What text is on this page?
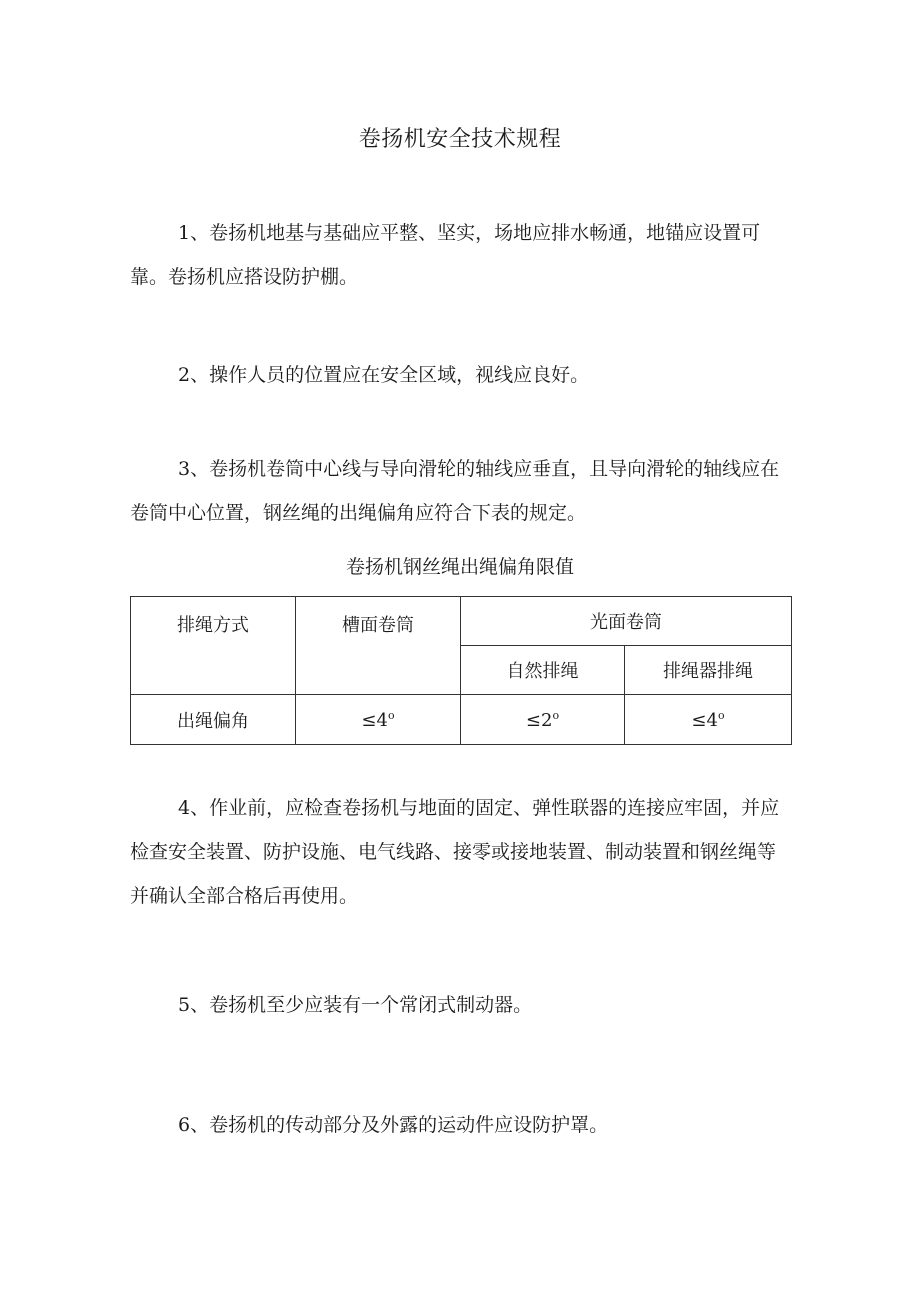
卷扬机安全技术规程

1、卷扬机地基与基础应平整、坚实，场地应排水畅通，地锚应设置可靠。卷扬机应搭设防护棚。

2、操作人员的位置应在安全区域，视线应良好。

3、卷扬机卷筒中心线与导向滑轮的轴线应垂直，且导向滑轮的轴线应在卷筒中心位置，钢丝绳的出绳偏角应符合下表的规定。

卷扬机钢丝绳出绳偏角限值
排绳方式	槽面卷筒	光面卷筒	
		自然排绳	排绳器排绳
出绳偏角	$\le 4^o$	$\le 2^o$	$\le 4^o$

4、作业前，应检查卷扬机与地面的固定、弹性联器的连接应牢固，并应检查安全装置、防护设施、电气线路、接零或接地装置、制动装置和钢丝绳等并确认全部合格后再使用。

5、卷扬机至少应装有一个常闭式制动器。

6、卷扬机的传动部分及外露的运动件应设防护罩。
